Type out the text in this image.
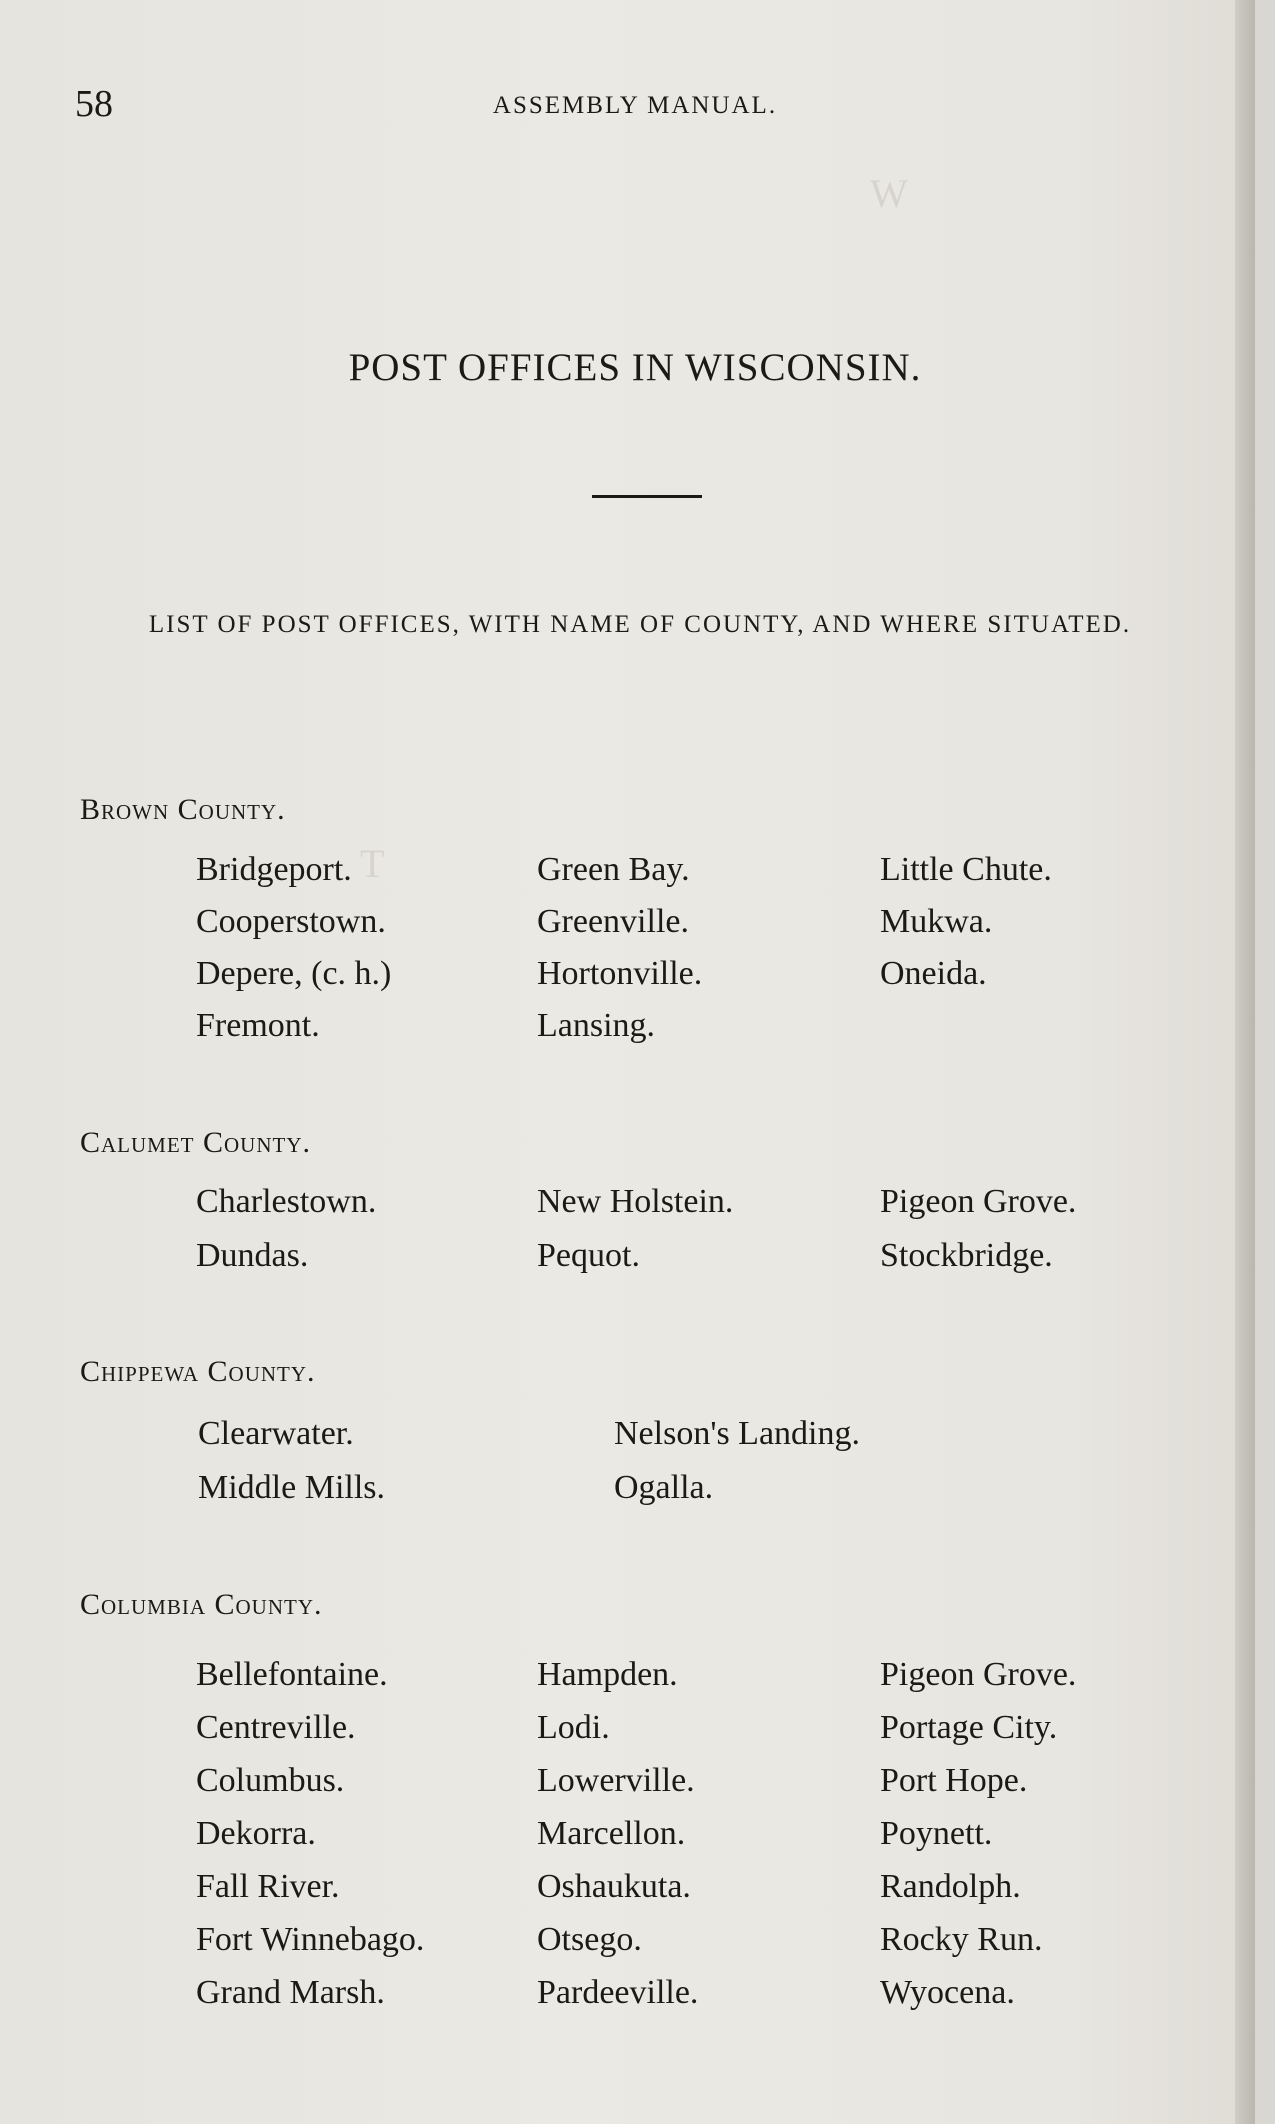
W
T
58	ASSEMBLY MANUAL.
POST OFFICES IN WISCONSIN.
LIST OF POST OFFICES, WITH NAME OF COUNTY, AND WHERE SITUATED.
Brown County.
Bridgeport.
Cooperstown.
Depere, (c. h.)
Fremont.
Green Bay.
Greenville.
Hortonville.
Lansing.
Little Chute.
Mukwa.
Oneida.
Calumet County.
Charlestown.
Dundas.
New Holstein.
Pequot.
Pigeon Grove.
Stockbridge.
Chippewa County.
Clearwater.
Middle Mills.
Nelson's Landing.
Ogalla.
Columbia County.
Bellefontaine.
Centreville.
Columbus.
Dekorra.
Fall River.
Fort Winnebago.
Grand Marsh.
Hampden.
Lodi.
Lowerville.
Marcellon.
Oshaukuta.
Otsego.
Pardeeville.
Pigeon Grove.
Portage City.
Port Hope.
Poynett.
Randolph.
Rocky Run.
Wyocena.
